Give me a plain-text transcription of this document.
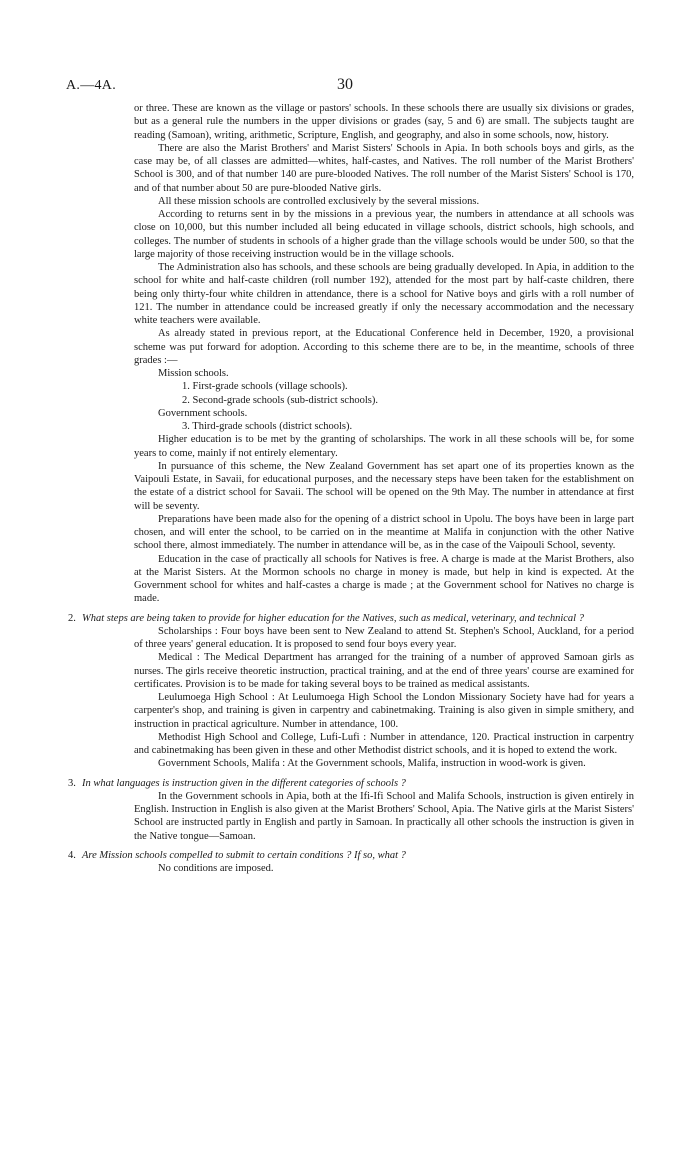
A.—4A.	30

or three. These are known as the village or pastors' schools. In these schools there are usually six divisions or grades, but as a general rule the numbers in the upper divisions or grades (say, 5 and 6) are small. The subjects taught are reading (Samoan), writing, arithmetic, Scripture, English, and geography, and also in some schools, now, history.

There are also the Marist Brothers' and Marist Sisters' Schools in Apia. In both schools boys and girls, as the case may be, of all classes are admitted—whites, half-castes, and Natives. The roll number of the Marist Brothers' School is 300, and of that number 140 are pure-blooded Natives. The roll number of the Marist Sisters' School is 170, and of that number about 50 are pure-blooded Native girls.

All these mission schools are controlled exclusively by the several missions.

According to returns sent in by the missions in a previous year, the numbers in attendance at all schools was close on 10,000, but this number included all being educated in village schools, district schools, high schools, and colleges. The number of students in schools of a higher grade than the village schools would be under 500, so that the large majority of those receiving instruction would be in the village schools.

The Administration also has schools, and these schools are being gradually developed. In Apia, in addition to the school for white and half-caste children (roll number 192), attended for the most part by half-caste children, there being only thirty-four white children in attendance, there is a school for Native boys and girls with a roll number of 121. The number in attendance could be increased greatly if only the necessary accommodation and the necessary white teachers were available.

As already stated in previous report, at the Educational Conference held in December, 1920, a provisional scheme was put forward for adoption. According to this scheme there are to be, in the meantime, schools of three grades :—

Mission schools.

1. First-grade schools (village schools).

2. Second-grade schools (sub-district schools).

Government schools.

3. Third-grade schools (district schools).

Higher education is to be met by the granting of scholarships. The work in all these schools will be, for some years to come, mainly if not entirely elementary.

In pursuance of this scheme, the New Zealand Government has set apart one of its properties known as the Vaipouli Estate, in Savaii, for educational purposes, and the necessary steps have been taken for the establishment on the estate of a district school for Savaii. The school will be opened on the 9th May. The number in attendance at first will be seventy.

Preparations have been made also for the opening of a district school in Upolu. The boys have been in large part chosen, and will enter the school, to be carried on in the meantime at Malifa in conjunction with the other Native school there, almost immediately. The number in attendance will be, as in the case of the Vaipouli School, seventy.

Education in the case of practically all schools for Natives is free. A charge is made at the Marist Brothers, also at the Marist Sisters. At the Mormon schools no charge in money is made, but help in kind is expected. At the Government school for whites and half-castes a charge is made ; at the Government school for Natives no charge is made.

2. What steps are being taken to provide for higher education for the Natives, such as medical, veterinary, and technical ?

Scholarships : Four boys have been sent to New Zealand to attend St. Stephen's School, Auckland, for a period of three years' general education. It is proposed to send four boys every year.

Medical : The Medical Department has arranged for the training of a number of approved Samoan girls as nurses. The girls receive theoretic instruction, practical training, and at the end of three years' course are examined for certificates. Provision is to be made for taking several boys to be trained as medical assistants.

Leulumoega High School : At Leulumoega High School the London Missionary Society have had for years a carpenter's shop, and training is given in carpentry and cabinetmaking. Training is also given in simple smithery, and instruction in practical agriculture. Number in attendance, 100.

Methodist High School and College, Lufi-Lufi : Number in attendance, 120. Practical instruction in carpentry and cabinetmaking has been given in these and other Methodist district schools, and it is hoped to extend the work.

Government Schools, Malifa : At the Government schools, Malifa, instruction in wood-work is given.

3. In what languages is instruction given in the different categories of schools ?

In the Government schools in Apia, both at the Ifi-Ifi School and Malifa Schools, instruction is given entirely in English. Instruction in English is also given at the Marist Brothers' School, Apia. The Native girls at the Marist Sisters' School are instructed partly in English and partly in Samoan. In practically all other schools the instruction is given in the Native tongue—Samoan.

4. Are Mission schools compelled to submit to certain conditions ? If so, what ?

No conditions are imposed.
